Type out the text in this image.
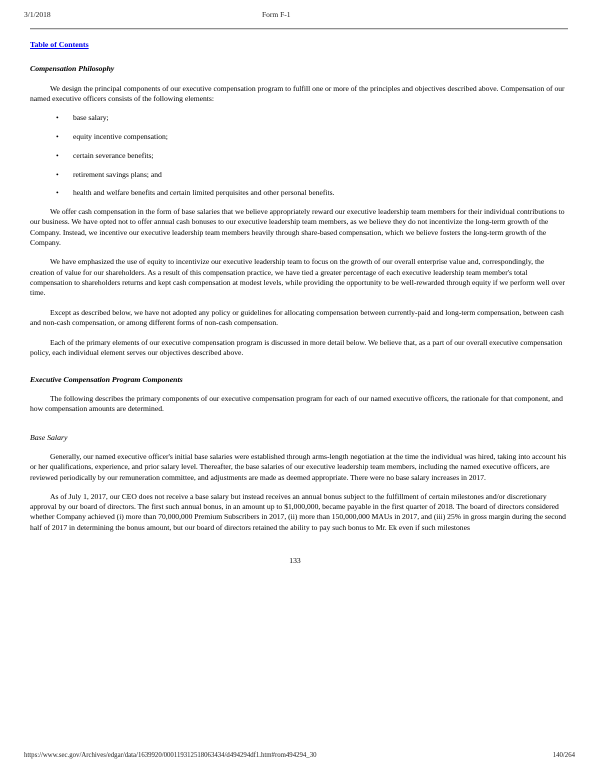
3/1/2018	Form F-1
Table of Contents
Compensation Philosophy

We design the principal components of our executive compensation program to fulfill one or more of the principles and objectives described above. Compensation of our named executive officers consists of the following elements:

•	base salary;
•	equity incentive compensation;
•	certain severance benefits;
•	retirement savings plans; and
•	health and welfare benefits and certain limited perquisites and other personal benefits.

We offer cash compensation in the form of base salaries that we believe appropriately reward our executive leadership team members for their individual contributions to our business. We have opted not to offer annual cash bonuses to our executive leadership team members, as we believe they do not incentivize the long-term growth of the Company. Instead, we incentive our executive leadership team members heavily through share-based compensation, which we believe fosters the long-term growth of the Company.

We have emphasized the use of equity to incentivize our executive leadership team to focus on the growth of our overall enterprise value and, correspondingly, the creation of value for our shareholders. As a result of this compensation practice, we have tied a greater percentage of each executive leadership team member's total compensation to shareholders returns and kept cash compensation at modest levels, while providing the opportunity to be well-rewarded through equity if we perform well over time.

Except as described below, we have not adopted any policy or guidelines for allocating compensation between currently-paid and long-term compensation, between cash and non-cash compensation, or among different forms of non-cash compensation.

Each of the primary elements of our executive compensation program is discussed in more detail below. We believe that, as a part of our overall executive compensation policy, each individual element serves our objectives described above.

Executive Compensation Program Components

The following describes the primary components of our executive compensation program for each of our named executive officers, the rationale for that component, and how compensation amounts are determined.

Base Salary

Generally, our named executive officer's initial base salaries were established through arms-length negotiation at the time the individual was hired, taking into account his or her qualifications, experience, and prior salary level. Thereafter, the base salaries of our executive leadership team members, including the named executive officers, are reviewed periodically by our remuneration committee, and adjustments are made as deemed appropriate. There were no base salary increases in 2017.

As of July 1, 2017, our CEO does not receive a base salary but instead receives an annual bonus subject to the fulfillment of certain milestones and/or discretionary approval by our board of directors. The first such annual bonus, in an amount up to $1,000,000, became payable in the first quarter of 2018. The board of directors considered whether Company achieved (i) more than 70,000,000 Premium Subscribers in 2017, (ii) more than 150,000,000 MAUs in 2017, and (iii) 25% in gross margin during the second half of 2017 in determining the bonus amount, but our board of directors retained the ability to pay such bonus to Mr. Ek even if such milestones

133
https://www.sec.gov/Archives/edgar/data/1639920/000119312518063434/d494294df1.htm#rom494294_30	140/264
